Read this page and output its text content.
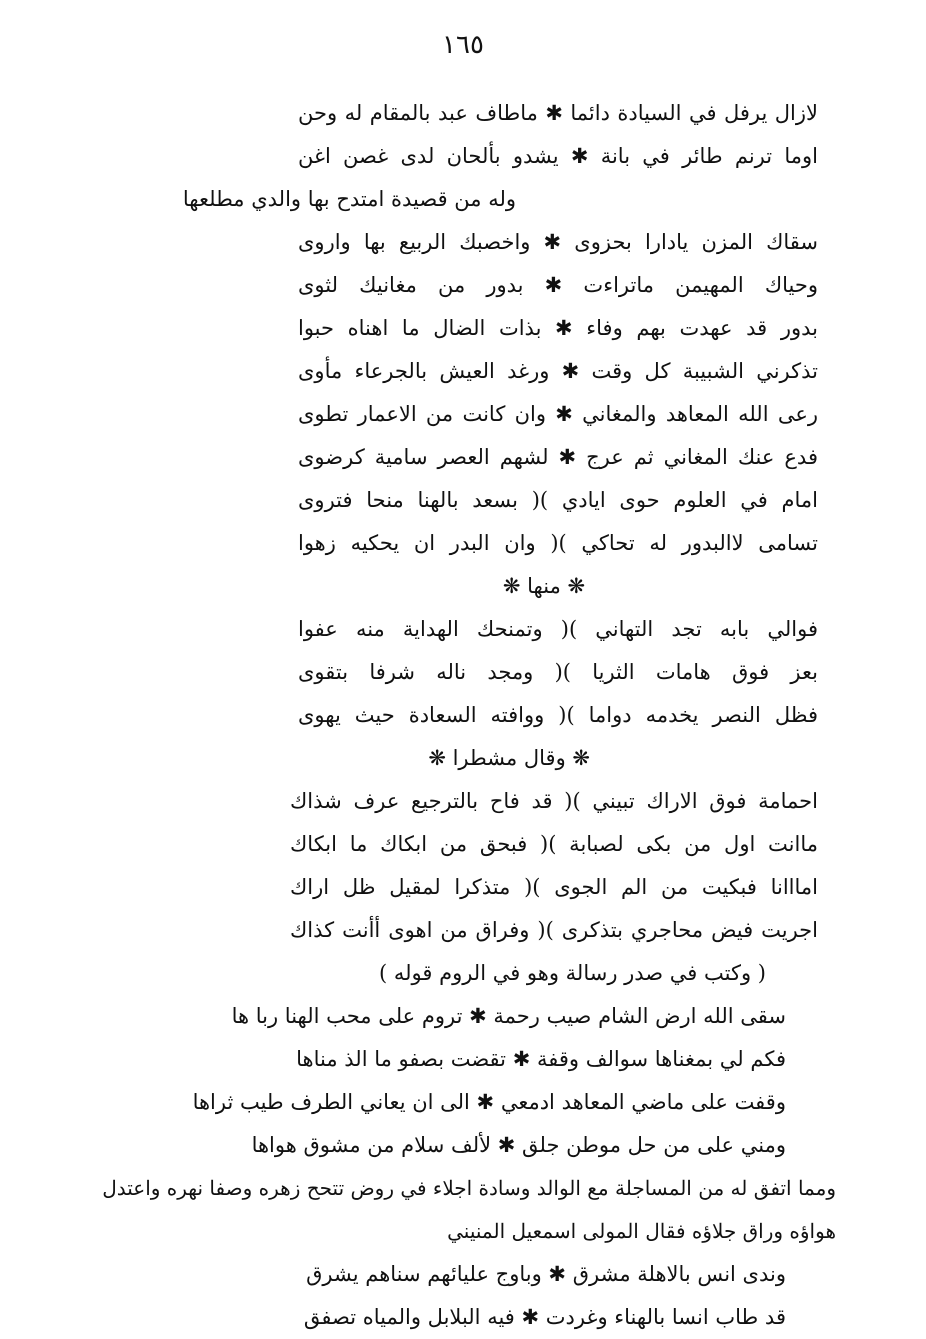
١٦٥
لازال يرفل في السيادة دائما ✱ ماطاف عبد بالمقام له وحن
اوما ترنم طائر في بانة ✱ يشدو بألحان لدى غصن اغن
وله من قصيدة امتدح بها والدي مطلعها
سقاك المزن يادارا بحزوى ✱ واخصبك الربيع بها واروى
وحياك المهيمن ماتراءت ✱ بدور من مغانيك لثوى
بدور قد عهدت بهم وفاء ✱ بذات الضال ما اهناه حبوا
تذكرني الشبيبة كل وقت ✱ ورغد العيش بالجرعاء مأوى
رعى الله المعاهد والمغاني ✱ وان كانت من الاعمار تطوى
فدع عنك المغاني ثم عرج ✱ لشهم العصر سامية كرضوى
امام في العلوم حوى ايادي )( بسعد بالهنا منحا فتروى
تسامى لاالبدور له تحاكي )( وان البدر ان يحكيه زهوا
❋ منها ❋
فوالي بابه تجد التهاني )( وتمنحك الهداية منه عفوا
بعز فوق هامات الثريا )( ومجد ناله شرفا بتقوى
فظل النصر يخدمه دواما )( ووافته السعادة حيث يهوى
❋ وقال مشطرا ❋
احمامة فوق الاراك تبيني )( قد فاح بالترجيع عرف شذاك
ماانت اول من بكى لصبابة )( فبحق من ابكاك ما ابكاك
امااانا فبكيت من الم الجوى )( متذكرا لمقيل ظل اراك
اجريت فيض محاجري بتذكرى )( وفراق من اهوى أأنت كذاك
( وكتب في صدر رسالة وهو في الروم قوله )
سقى الله ارض الشام صيب رحمة ✱ تروم على محب الهنا ربا ها
فكم لي بمغناها سوالف وقفة ✱ تقضت بصفو ما الذ مناها
وقفت على ماضي المعاهد ادمعي ✱ الى ان يعاني الطرف طيب ثراها
ومني على من حل موطن جلق ✱ لألف سلام من مشوق هواها
ومما اتفق له من المساجلة مع الوالد وسادة اجلاء في روض تتحح زهره وصفا نهره واعتدل
هواؤه وراق جلاؤه فقال المولى اسمعيل المنيني
وندى انس بالاهلة مشرق ✱ وباوج عليائهم سناهم يشرق
قد طاب انسا بالهناء وغردت ✱ فيه البلابل والمياه تصفق
